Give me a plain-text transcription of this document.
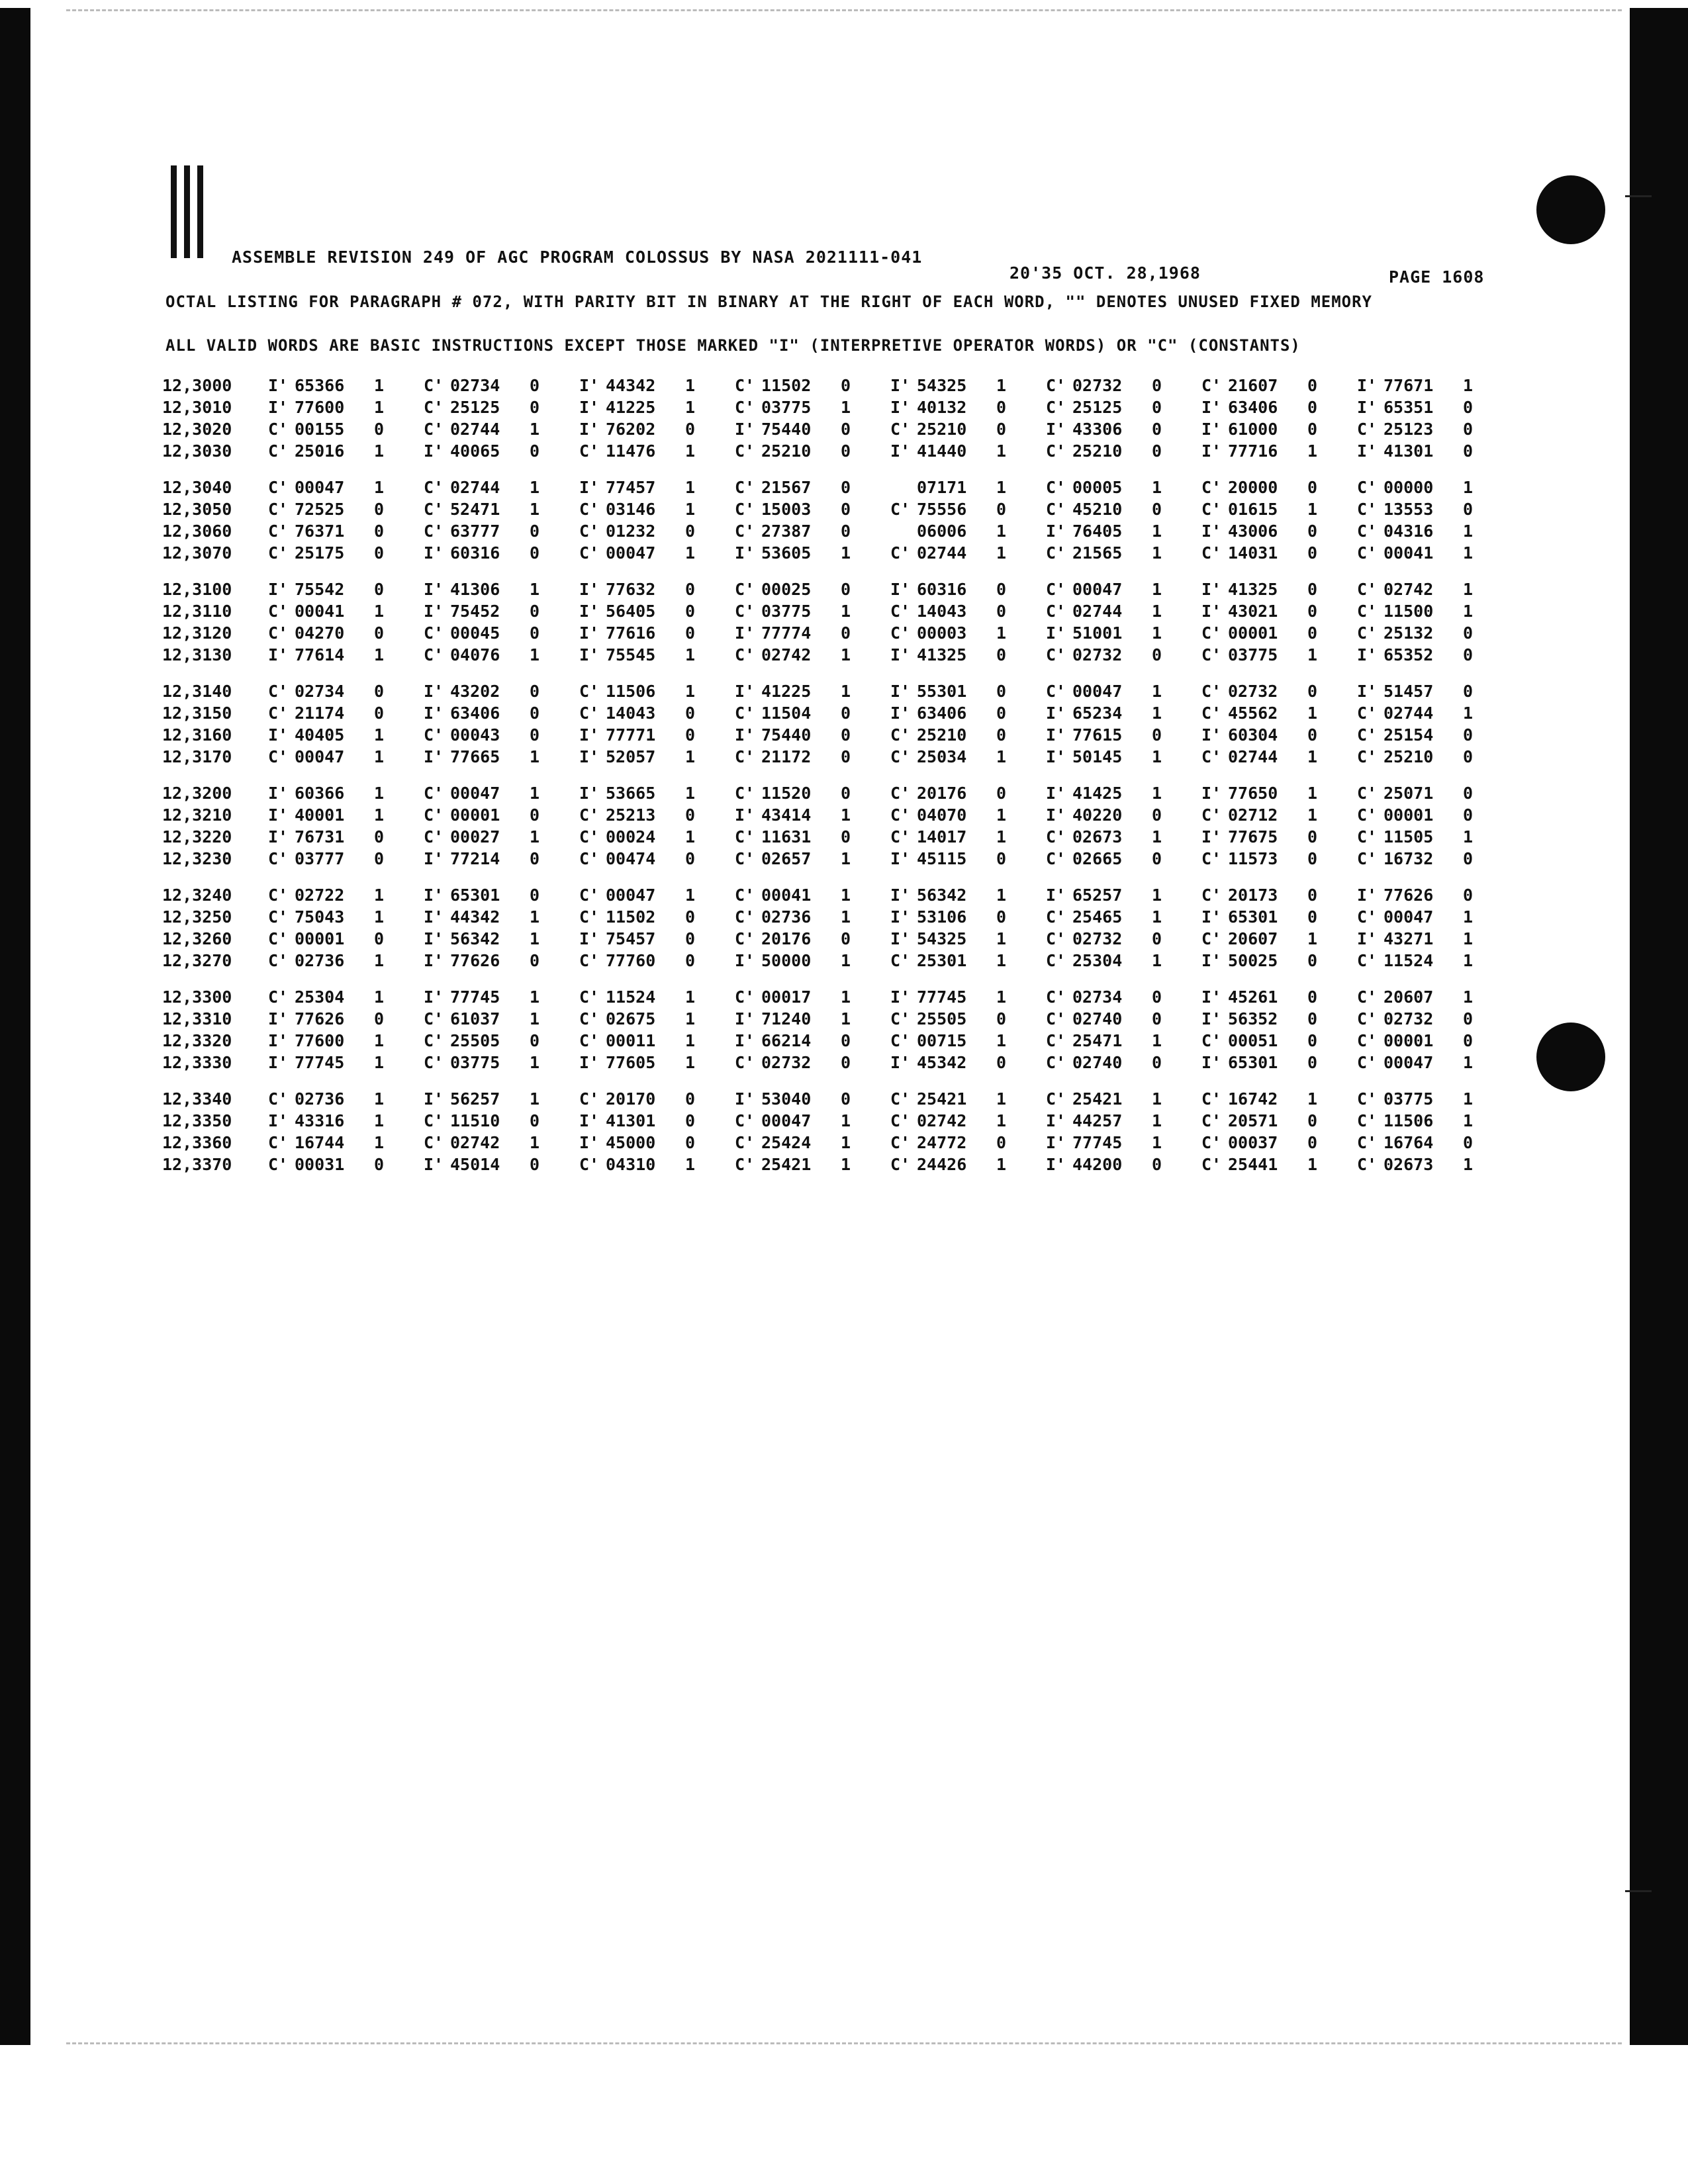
ASSEMBLE REVISION 249 OF AGC PROGRAM COLOSSUS BY NASA 2021111-041
20'35 OCT. 28,1968	PAGE 1608
OCTAL LISTING FOR PARAGRAPH # 072, WITH PARITY BIT IN BINARY AT THE RIGHT OF EACH WORD, "" DENOTES UNUSED FIXED MEMORY
ALL VALID WORDS ARE BASIC INSTRUCTIONS EXCEPT THOSE MARKED "I" (INTERPRETIVE OPERATOR WORDS) OR "C" (CONSTANTS)
12,3000	I' 65366 1	C' 02734 0	I' 44342 1	C' 11502 0	I' 54325 1	C' 02732 0	C' 21607 0	I' 77671 1
12,3010	I' 77600 1	C' 25125 0	I' 41225 1	C' 03775 1	I' 40132 0	C' 25125 0	I' 63406 0	I' 65351 0
12,3020	C' 00155 0	C' 02744 1	I' 76202 0	I' 75440 0	C' 25210 0	I' 43306 0	I' 61000 0	C' 25123 0
12,3030	C' 25016 1	I' 40065 0	C' 11476 1	C' 25210 0	I' 41440 1	C' 25210 0	I' 77716 1	I' 41301 0
12,3040	C' 00047 1	C' 02744 1	I' 77457 1	C' 21567 0	07171 1	C' 00005 1	C' 20000 0	C' 00000 1
12,3050	C' 72525 0	C' 52471 1	C' 03146 1	C' 15003 0	C' 75556 0	C' 45210 0	C' 01615 1	C' 13553 0
12,3060	C' 76371 0	C' 63777 0	C' 01232 0	C' 27387 0	06006 1	I' 76405 1	I' 43006 0	C' 04316 1
12,3070	C' 25175 0	I' 60316 0	C' 00047 1	I' 53605 1	C' 02744 1	C' 21565 1	C' 14031 0	C' 00041 1
12,3100	I' 75542 0	I' 41306 1	I' 77632 0	C' 00025 0	I' 60316 0	C' 00047 1	I' 41325 0	C' 02742 1
12,3110	C' 00041 1	I' 75452 0	I' 56405 0	C' 03775 1	C' 14043 0	C' 02744 1	I' 43021 0	C' 11500 1
12,3120	C' 04270 0	C' 00045 0	I' 77616 0	I' 77774 0	C' 00003 1	I' 51001 1	C' 00001 0	C' 25132 0
12,3130	I' 77614 1	C' 04076 1	I' 75545 1	C' 02742 1	I' 41325 0	C' 02732 0	C' 03775 1	I' 65352 0
12,3140	C' 02734 0	I' 43202 0	C' 11506 1	I' 41225 1	I' 55301 0	C' 00047 1	C' 02732 0	I' 51457 0
12,3150	C' 21174 0	I' 63406 0	C' 14043 0	C' 11504 0	I' 63406 0	I' 65234 1	C' 45562 1	C' 02744 1
12,3160	I' 40405 1	C' 00043 0	I' 77771 0	I' 75440 0	C' 25210 0	I' 77615 0	I' 60304 0	C' 25154 0
12,3170	C' 00047 1	I' 77665 1	I' 52057 1	C' 21172 0	C' 25034 1	I' 50145 1	C' 02744 1	C' 25210 0
12,3200	I' 60366 1	C' 00047 1	I' 53665 1	C' 11520 0	C' 20176 0	I' 41425 1	I' 77650 1	C' 25071 0
12,3210	I' 40001 1	C' 00001 0	C' 25213 0	I' 43414 1	C' 04070 1	I' 40220 0	C' 02712 1	C' 00001 0
12,3220	I' 76731 0	C' 00027 1	C' 00024 1	C' 11631 0	C' 14017 1	C' 02673 1	I' 77675 0	C' 11505 1
12,3230	C' 03777 0	I' 77214 0	C' 00474 0	C' 02657 1	I' 45115 0	C' 02665 0	C' 11573 0	C' 16732 0
12,3240	C' 02722 1	I' 65301 0	C' 00047 1	C' 00041 1	I' 56342 1	I' 65257 1	C' 20173 0	I' 77626 0
12,3250	C' 75043 1	I' 44342 1	C' 11502 0	C' 02736 1	I' 53106 0	C' 25465 1	I' 65301 0	C' 00047 1
12,3260	C' 00001 0	I' 56342 1	I' 75457 0	C' 20176 0	I' 54325 1	C' 02732 0	C' 20607 1	I' 43271 1
12,3270	C' 02736 1	I' 77626 0	C' 77760 0	I' 50000 1	C' 25301 1	C' 25304 1	I' 50025 0	C' 11524 1
12,3300	C' 25304 1	I' 77745 1	C' 11524 1	C' 00017 1	I' 77745 1	C' 02734 0	I' 45261 0	C' 20607 1
12,3310	I' 77626 0	C' 61037 1	C' 02675 1	I' 71240 1	C' 25505 0	C' 02740 0	I' 56352 0	C' 02732 0
12,3320	I' 77600 1	C' 25505 0	C' 00011 1	I' 66214 0	C' 00715 1	C' 25471 1	C' 00051 0	C' 00001 0
12,3330	I' 77745 1	C' 03775 1	I' 77605 1	C' 02732 0	I' 45342 0	C' 02740 0	I' 65301 0	C' 00047 1
12,3340	C' 02736 1	I' 56257 1	C' 20170 0	I' 53040 0	C' 25421 1	C' 25421 1	C' 16742 1	C' 03775 1
12,3350	I' 43316 1	C' 11510 0	I' 41301 0	C' 00047 1	C' 02742 1	I' 44257 1	C' 20571 0	C' 11506 1
12,3360	C' 16744 1	C' 02742 1	I' 45000 0	C' 25424 1	C' 24772 0	I' 77745 1	C' 00037 0	C' 16764 0
12,3370	C' 00031 0	I' 45014 0	C' 04310 1	C' 25421 1	C' 24426 1	I' 44200 0	C' 25441 1	C' 02673 1
